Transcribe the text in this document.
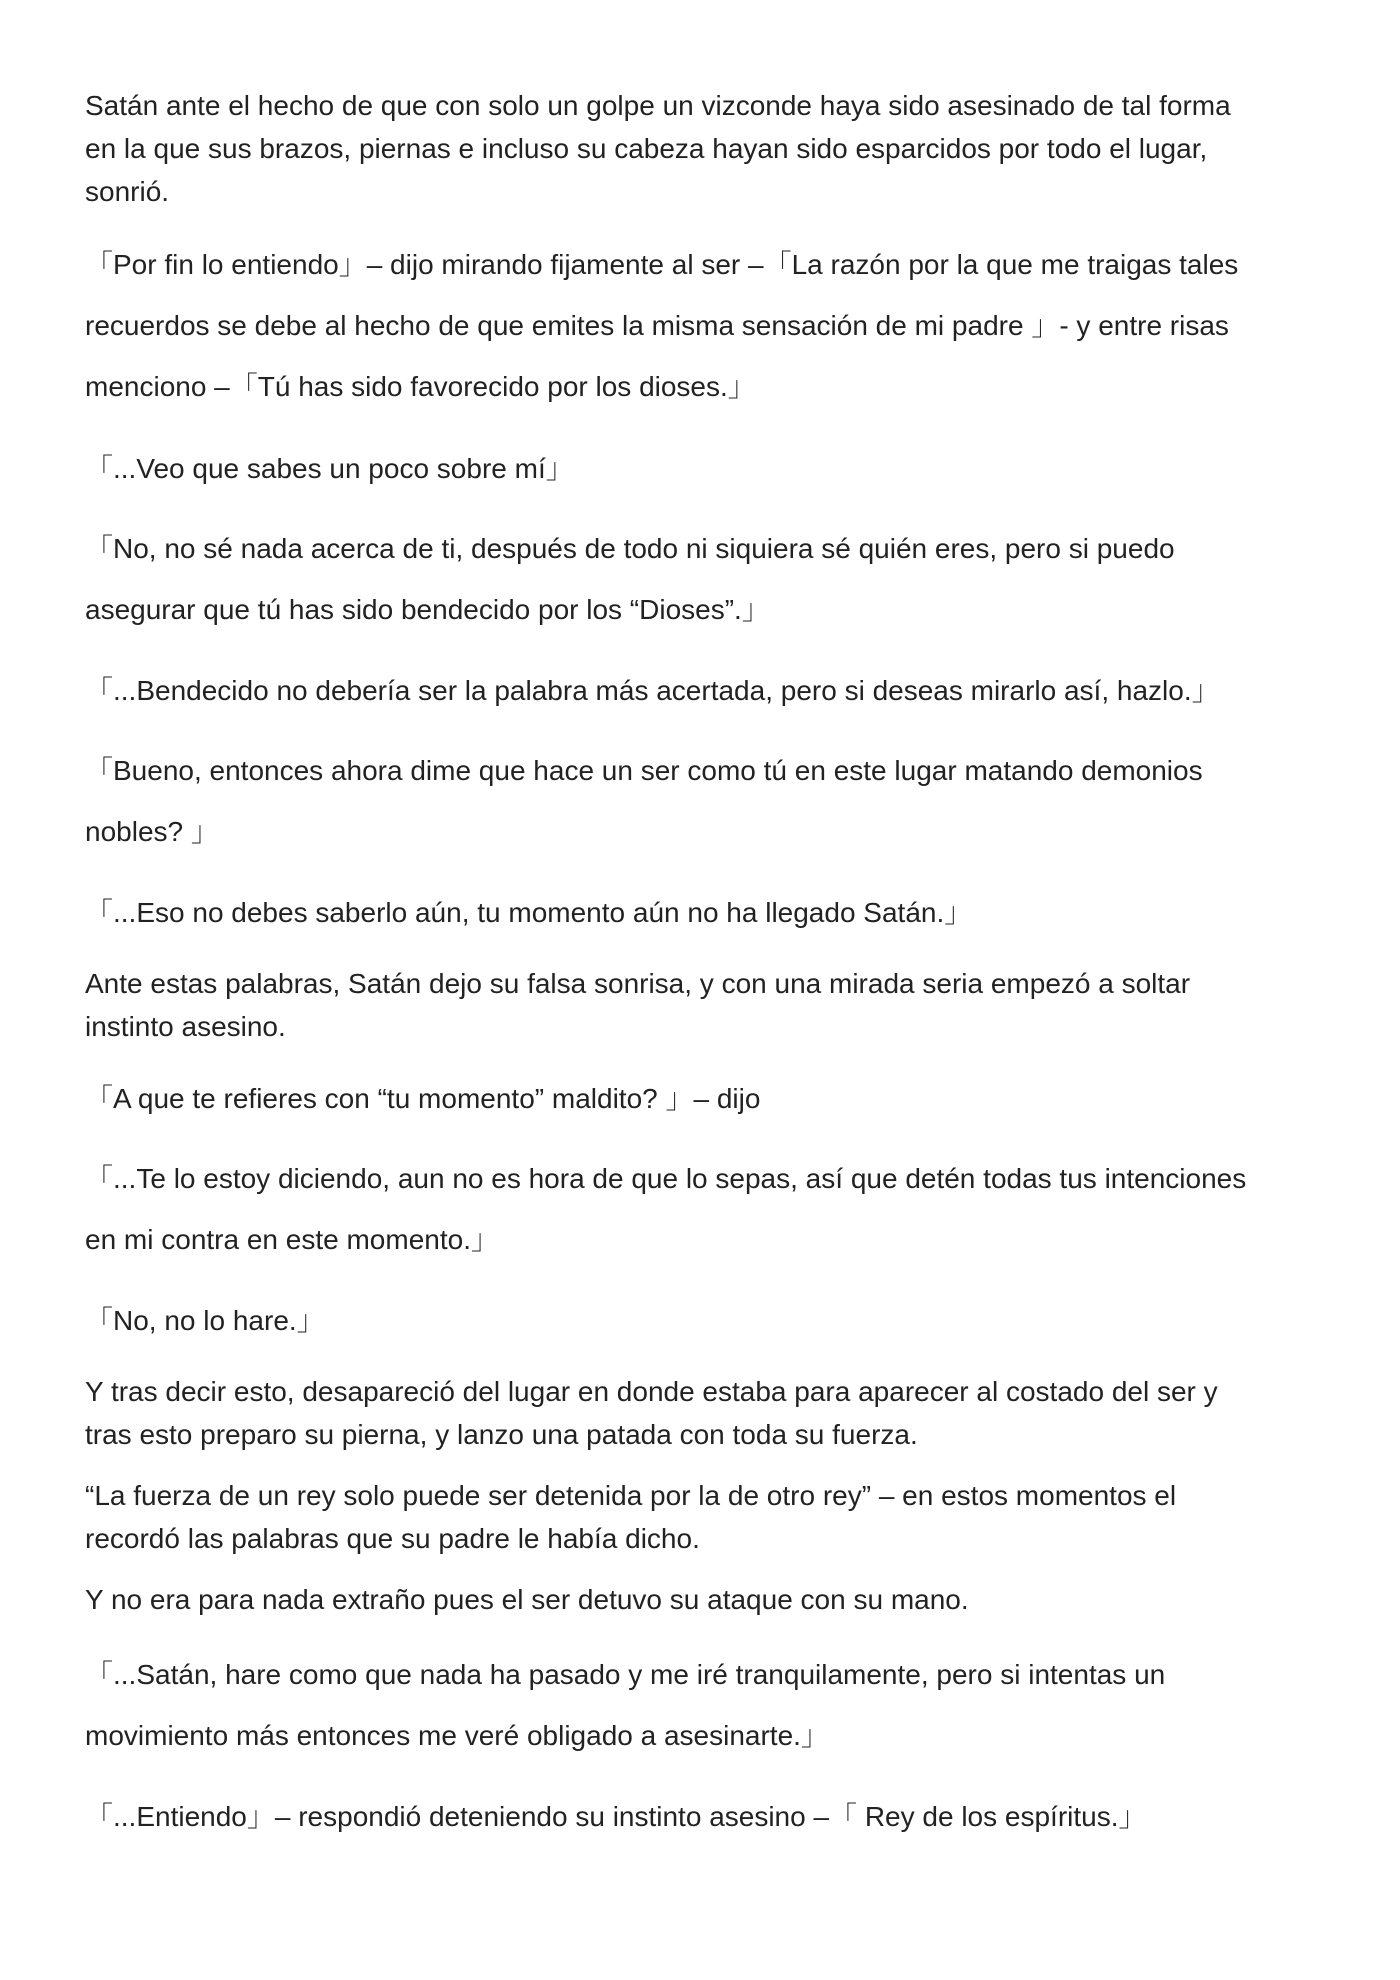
Satán ante el hecho de que con solo un golpe un vizconde haya sido asesinado de tal forma
en la que sus brazos, piernas e incluso su cabeza hayan sido esparcidos por todo el lugar,
sonrió.

「Por fin lo entiendo」– dijo mirando fijamente al ser –「La razón por la que me traigas tales
recuerdos se debe al hecho de que emites la misma sensación de mi padre 」- y entre risas
menciono –「Tú has sido favorecido por los dioses.」

「...Veo que sabes un poco sobre mí」

「No, no sé nada acerca de ti, después de todo ni siquiera sé quién eres, pero si puedo
asegurar que tú has sido bendecido por los “Dioses”.」

「...Bendecido no debería ser la palabra más acertada, pero si deseas mirarlo así, hazlo.」

「Bueno, entonces ahora dime que hace un ser como tú en este lugar matando demonios
nobles? 」

「...Eso no debes saberlo aún, tu momento aún no ha llegado Satán.」

Ante estas palabras, Satán dejo su falsa sonrisa, y con una mirada seria empezó a soltar
instinto asesino.

「A que te refieres con “tu momento” maldito? 」– dijo

「...Te lo estoy diciendo, aun no es hora de que lo sepas, así que detén todas tus intenciones
en mi contra en este momento.」

「No, no lo hare.」

Y tras decir esto, desapareció del lugar en donde estaba para aparecer al costado del ser y
tras esto preparo su pierna, y lanzo una patada con toda su fuerza.

“La fuerza de un rey solo puede ser detenida por la de otro rey” – en estos momentos el
recordó las palabras que su padre le había dicho.

Y no era para nada extraño pues el ser detuvo su ataque con su mano.

「...Satán, hare como que nada ha pasado y me iré tranquilamente, pero si intentas un
movimiento más entonces me veré obligado a asesinarte.」

「...Entiendo」– respondió deteniendo su instinto asesino –「 Rey de los espíritus.」
